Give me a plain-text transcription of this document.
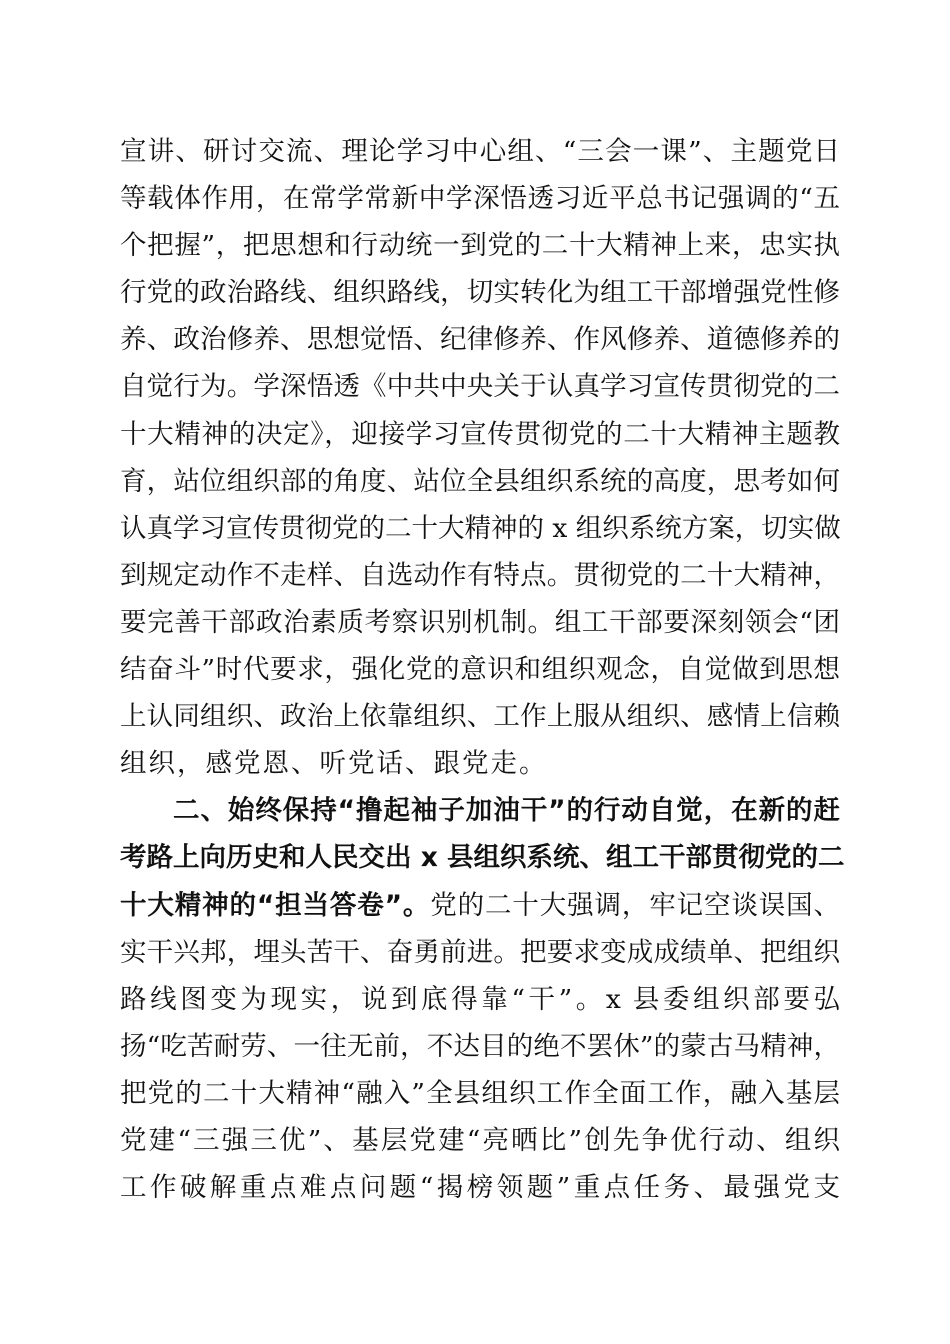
宣讲、研讨交流、理论学习中心组、“三会一课”、主题党日
等载体作用，在常学常新中学深悟透习近平总书记强调的“五
个把握”，把思想和行动统一到党的二十大精神上来，忠实执
行党的政治路线、组织路线，切实转化为组工干部增强党性修
养、政治修养、思想觉悟、纪律修养、作风修养、道德修养的
自觉行为。学深悟透《中共中央关于认真学习宣传贯彻党的二
十大精神的决定》，迎接学习宣传贯彻党的二十大精神主题教
育，站位组织部的角度、站位全县组织系统的高度，思考如何
认真学习宣传贯彻党的二十大精神的 x 组织系统方案，切实做
到规定动作不走样、自选动作有特点。贯彻党的二十大精神，
要完善干部政治素质考察识别机制。组工干部要深刻领会“团
结奋斗”时代要求，强化党的意识和组织观念，自觉做到思想
上认同组织、政治上依靠组织、工作上服从组织、感情上信赖
组织，感党恩、听党话、跟党走。
二、始终保持“撸起袖子加油干”的行动自觉，在新的赶
考路上向历史和人民交出 x 县组织系统、组工干部贯彻党的二
十大精神的“担当答卷”。党的二十大强调，牢记空谈误国、
实干兴邦，埋头苦干、奋勇前进。把要求变成成绩单、把组织
路线图变为现实，说到底得靠“干”。x 县委组织部要弘
扬“吃苦耐劳、一往无前，不达目的绝不罢休”的蒙古马精神，
把党的二十大精神“融入”全县组织工作全面工作，融入基层
党建“三强三优”、基层党建“亮晒比”创先争优行动、组织
工作破解重点难点问题“揭榜领题”重点任务、最强党支
